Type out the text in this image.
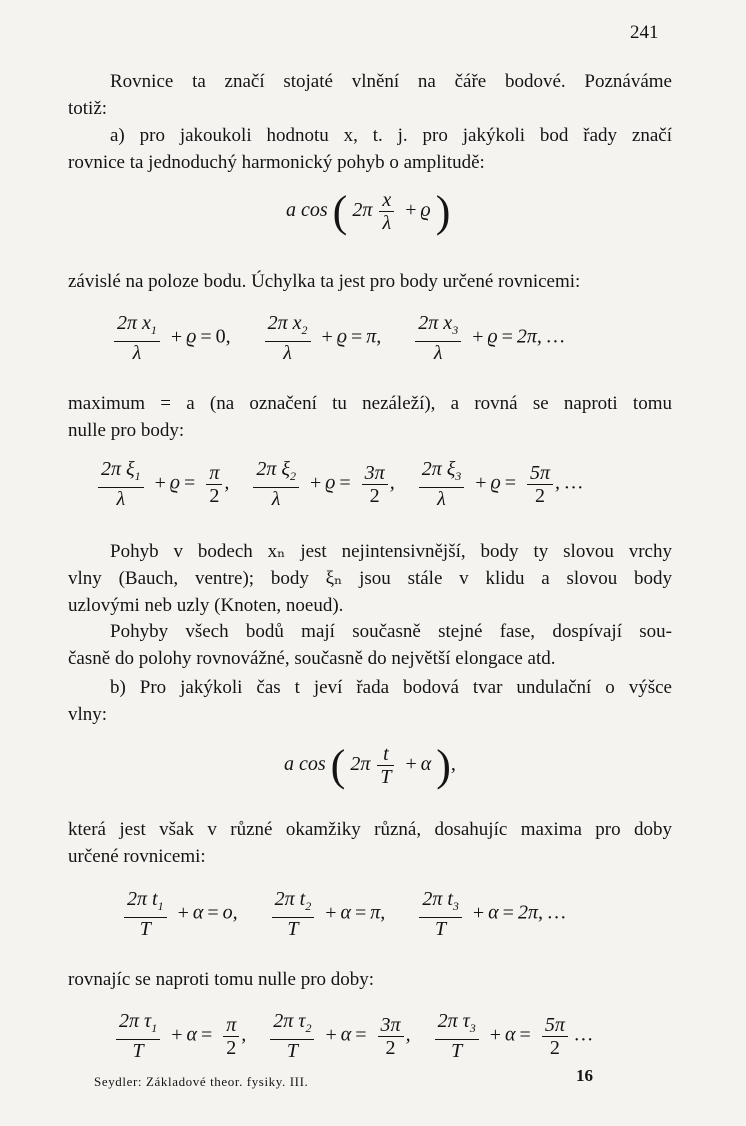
241
Rovnice ta značí stojaté vlnění na čáře bodové. Poznáváme
totiž:
a) pro jakoukoli hodnotu x, t. j. pro jakýkoli bod řady značí
rovnice ta jednoduchý harmonický pohyb o amplitudě:
a cos ( $2\pi \frac{x}{\lambda} + ϱ$ )
závislé na poloze bodu. Úchylka ta jest pro body určené rovnicemi:
$\frac{2\pi x_1}{\lambda} + ϱ = 0$, $\frac{2\pi x_2}{\lambda} + ϱ = \pi$, $\frac{2\pi x_3}{\lambda} + ϱ = 2\pi$, …
maximum = a (na označení tu nezáleží), a rovná se naproti tomu
nulle pro body:
$\frac{2\pi \xi_1}{\lambda} + ϱ = \frac{\pi}{2}$ , $\frac{2\pi \xi_2}{\lambda} + ϱ = \frac{3\pi}{2}$ , $\frac{2\pi \xi_3}{\lambda} + ϱ = \frac{5\pi}{2}$ , …
Pohyb v bodech xₙ jest nejintensivnější, body ty slovou vrchy
vlny (Bauch, ventre); body ξₙ jsou stále v klidu a slovou body
uzlovými neb uzly (Knoten, noeud).
Pohyby všech bodů mají současně stejné fase, dospívají sou-
časně do polohy rovnovážné, současně do největší elongace atd.
b) Pro jakýkoli čas t jeví řada bodová tvar undulační o výšce
vlny:
a cos ( $2\pi \frac{t}{T} + \alpha$ ),
která jest však v různé okamžiky různá, dosahujíc maxima pro doby
určené rovnicemi:
$\frac{2\pi t_1}{T} + \alpha = o$, $\frac{2\pi t_2}{T} + \alpha = \pi$, $\frac{2\pi t_3}{T} + \alpha = 2\pi$, …
rovnajíc se naproti tomu nulle pro doby:
$\frac{2\pi \tau_1}{T} + \alpha = \frac{\pi}{2}$ , $\frac{2\pi \tau_2}{T} + \alpha = \frac{3\pi}{2}$ , $\frac{2\pi \tau_3}{T} + \alpha = \frac{5\pi}{2}$ …
Seydler: Základové theor. fysiky. III.	16
